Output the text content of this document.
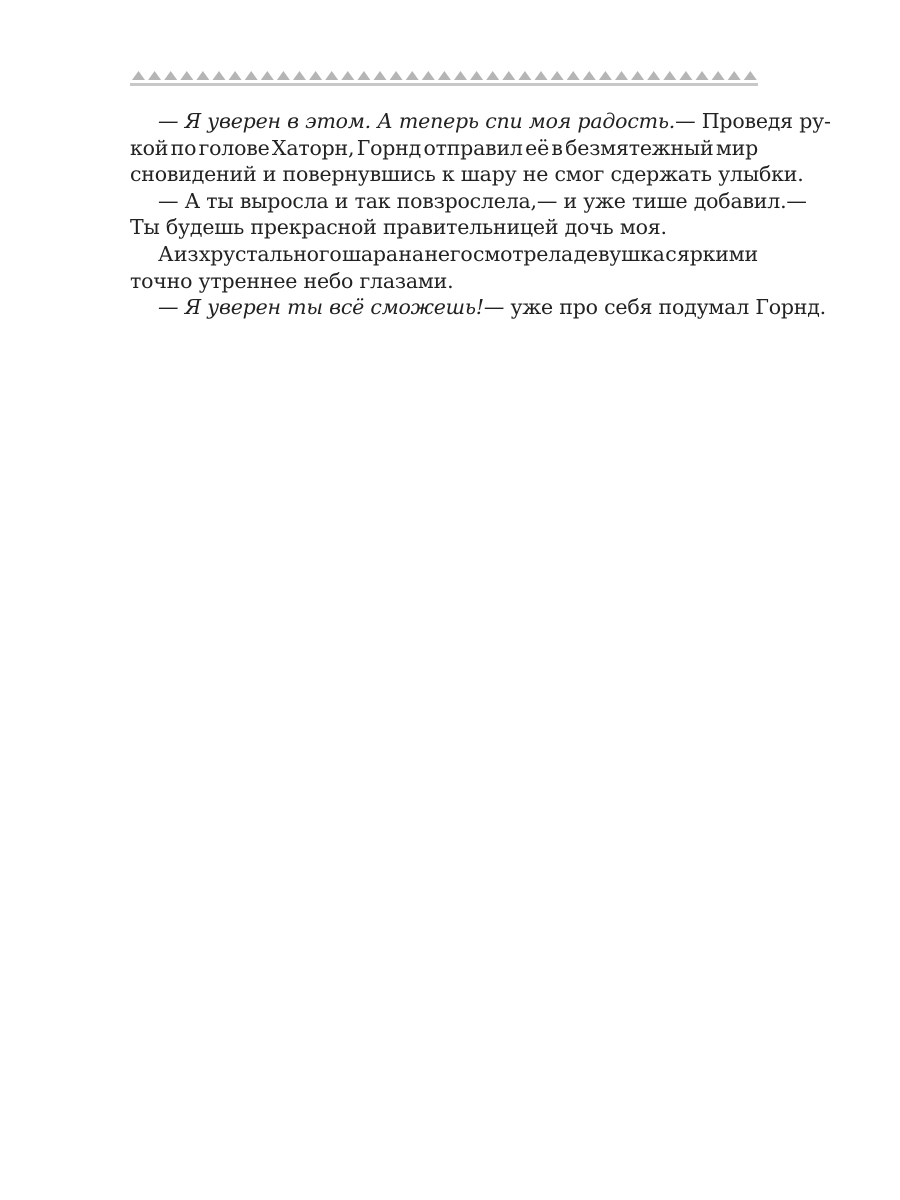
— Я уверен в этом. А теперь спи моя радость. — Проведя ру-
кой по голове Хаторн, Горнд отправил её в безмятежный мир
сновидений и повернувшись к шару не смог сдержать улыбки.
— А ты выросла и так повзрослела,— и уже тише добавил.—
Ты будешь прекрасной правительницей дочь моя.
А из хрустального шара на него смотрела девушка с яркими
точно утреннее небо глазами.
— Я уверен ты всё сможешь!— уже про себя подумал Горнд.
